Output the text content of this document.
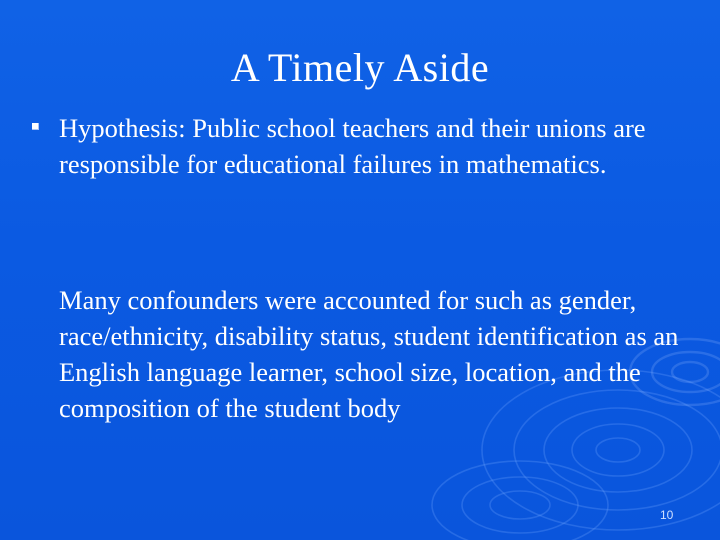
A Timely Aside

Hypothesis: Public school teachers and their unions are responsible for educational failures in mathematics.

Many confounders were accounted for such as gender, race/ethnicity, disability status, student identification as an English language learner, school size, location, and the composition of the student body

10
